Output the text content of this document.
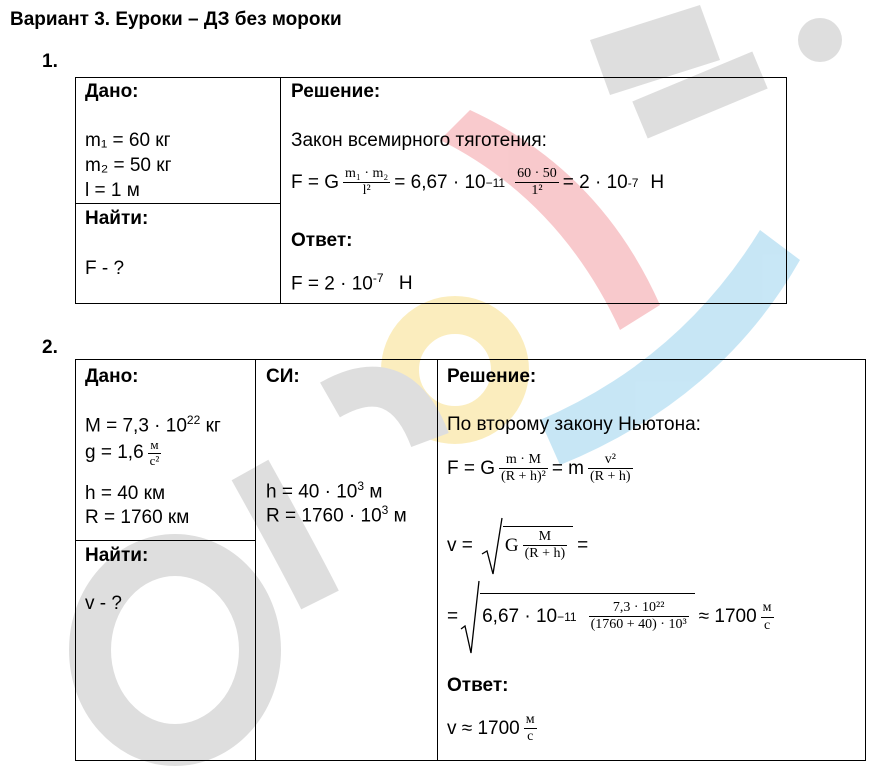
Вариант 3. Еуроки – ДЗ без мороки
1.
Дано:
m₁ = 60 кг
m₂ = 50 кг
l = 1 м
Найти:
F - ?
Решение:
Закон всемирного тяготения:
F = G $\frac{\text{m₁ · m₂}}{\text{l²}} = 6,67 \cdot 10 -11 \frac{60 \cdot 50}{\text{1²}} = 2 \cdot 10$ -7 Н
Ответ:
$F = 2 \cdot 10^{-7}$ Н
2.
Дано:
$M = 7,3 \cdot 10^{22}$ кг
$g = 1,6 \frac{м}{\text{с²}}$
h = 40 км
R = 1760 км
Найти:
v - ?
СИ:
$h = 40 \cdot 10^3$ м
$R = 1760 \cdot 10^3$ м
Решение:
По второму закону Ньютона:
F = G $\frac{m \cdot M}{\text{(R + h)²}} = m \frac{\text{v²}}{(R + h)}$
v = G $\frac{M}{(R + h)}$ =
= $6,67 \cdot 10 -11 \frac{\text{7,3 · 10²²}}{\text{(1760 + 40) · 10³}} \approx 1700 \frac{м}{с}$
Ответ:
$v \approx 1700 \frac{м}{с}$
